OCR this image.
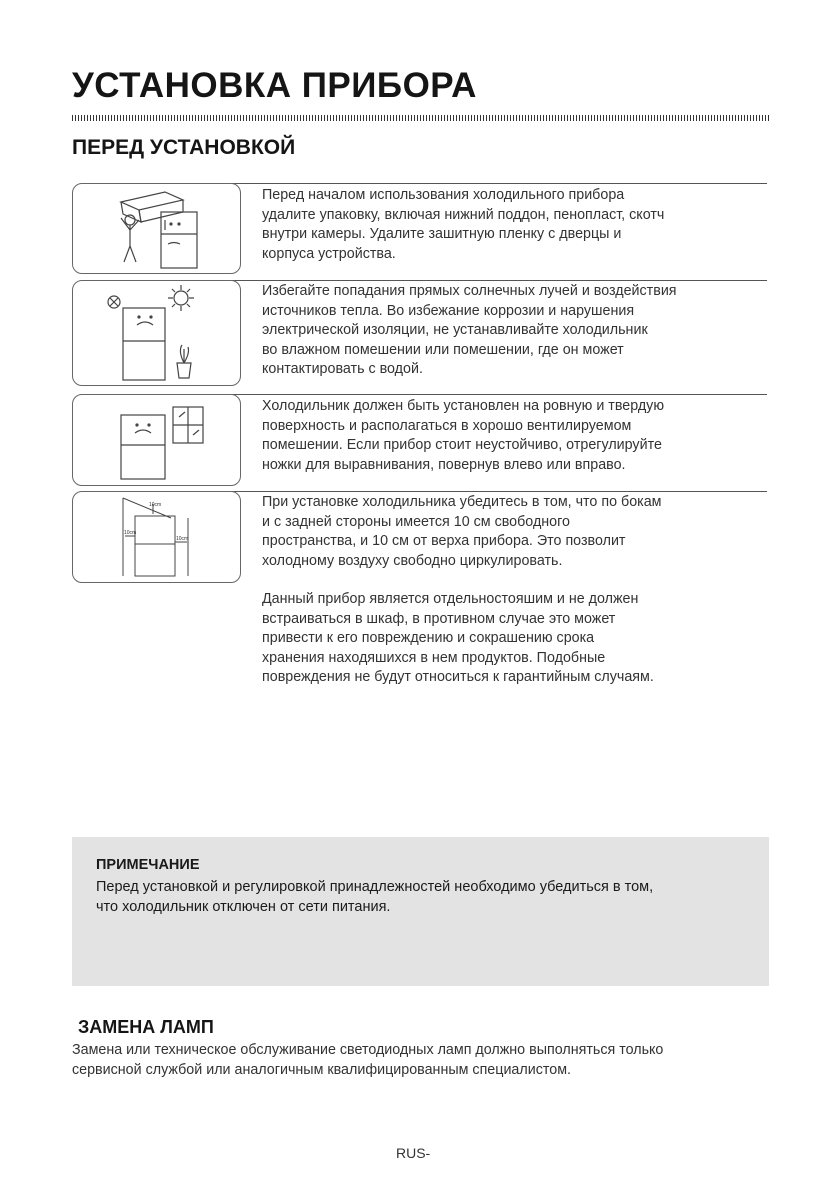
УСТАНОВКА ПРИБОРА
ПЕРЕД УСТАНОВКОЙ

Перед началом использования холодильного прибора
удалите упаковку, включая нижний поддон, пенопласт, скотч
внутри камеры. Удалите зашитную пленку с дверцы и
корпуса устройства.

Избегайте попадания прямых солнечных лучей и воздействия
источников тепла. Во избежание коррозии и нарушения
электрической изоляции, не устанавливайте холодильник
во влажном помешении или помешении, где он может
контактировать с водой.

Холодильник должен быть установлен на ровную и твердую
поверхность и располагаться в хорошо вентилируемом
помешении. Если прибор стоит неустойчиво, отрегулируйте
ножки для выравнивания, повернув влево или вправо.

10cm
10cm
10cm

При установке холодильника убедитесь в том, что по бокам
и с задней стороны имеется 10 см свободного
пространства, и 10 см от верха прибора. Это позволит
холодному воздуху свободно циркулировать.

Данный прибор является отдельностояшим и не должен
встраиваться в шкаф, в противном случае это может
привести к его повреждению и сокрашению срока
хранения находяшихся в нем продуктов. Подобные
повреждения не будут относиться к гарантийным случаям.

ПРИМЕЧАНИЕ
Перед установкой и регулировкой принадлежностей необходимо убедиться в том,
что холодильник отключен от сети питания.
ЗАМЕНА ЛАМП

Замена или техническое обслуживание светодиодных ламп должно выполняться только
сервисной службой или аналогичным квалифицированным специалистом.

RUS-
